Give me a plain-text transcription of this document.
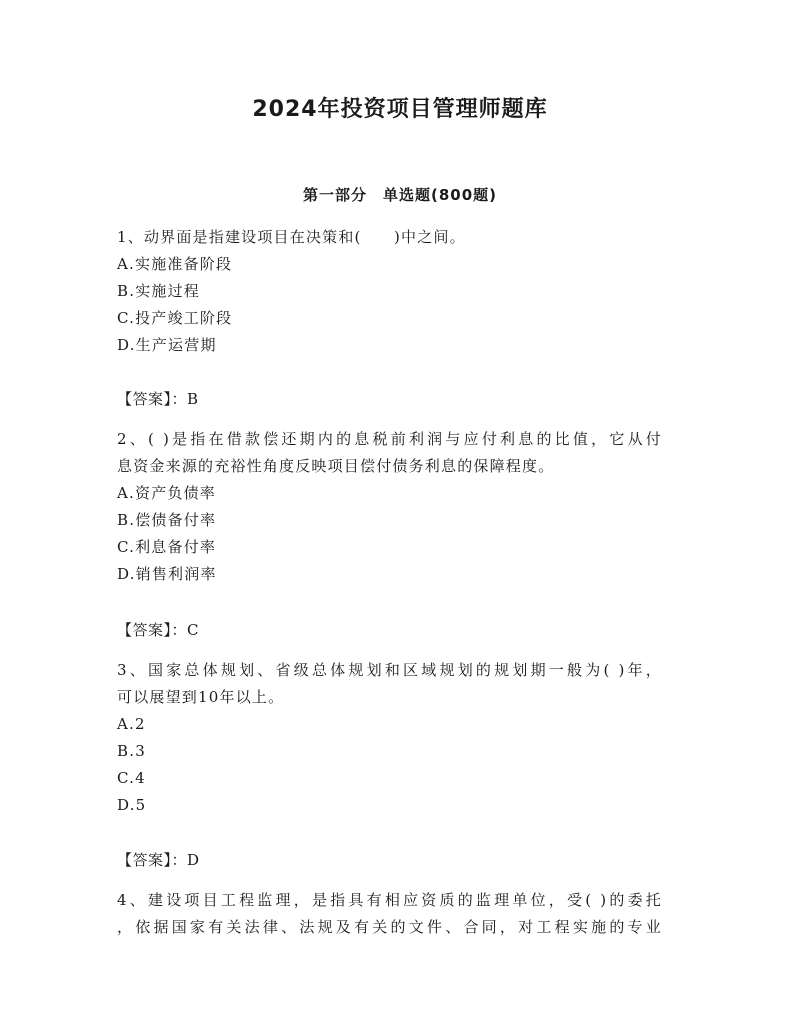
2024年投资项目管理师题库
第一部分　单选题(800题)
1、动界面是指建设项目在决策和(　　)中之间。
A.实施准备阶段
B.实施过程
C.投产竣工阶段
D.生产运营期
【答案】：B
2、( )是指在借款偿还期内的息税前利润与应付利息的比值，它从付
息资金来源的充裕性角度反映项目偿付债务利息的保障程度。
A.资产负债率
B.偿债备付率
C.利息备付率
D.销售利润率
【答案】：C
3、国家总体规划、省级总体规划和区域规划的规划期一般为( )年，
可以展望到10年以上。
A.2
B.3
C.4
D.5
【答案】：D
4、建设项目工程监理，是指具有相应资质的监理单位，受( )的委托
，依据国家有关法律、法规及有关的文件、合同，对工程实施的专业
